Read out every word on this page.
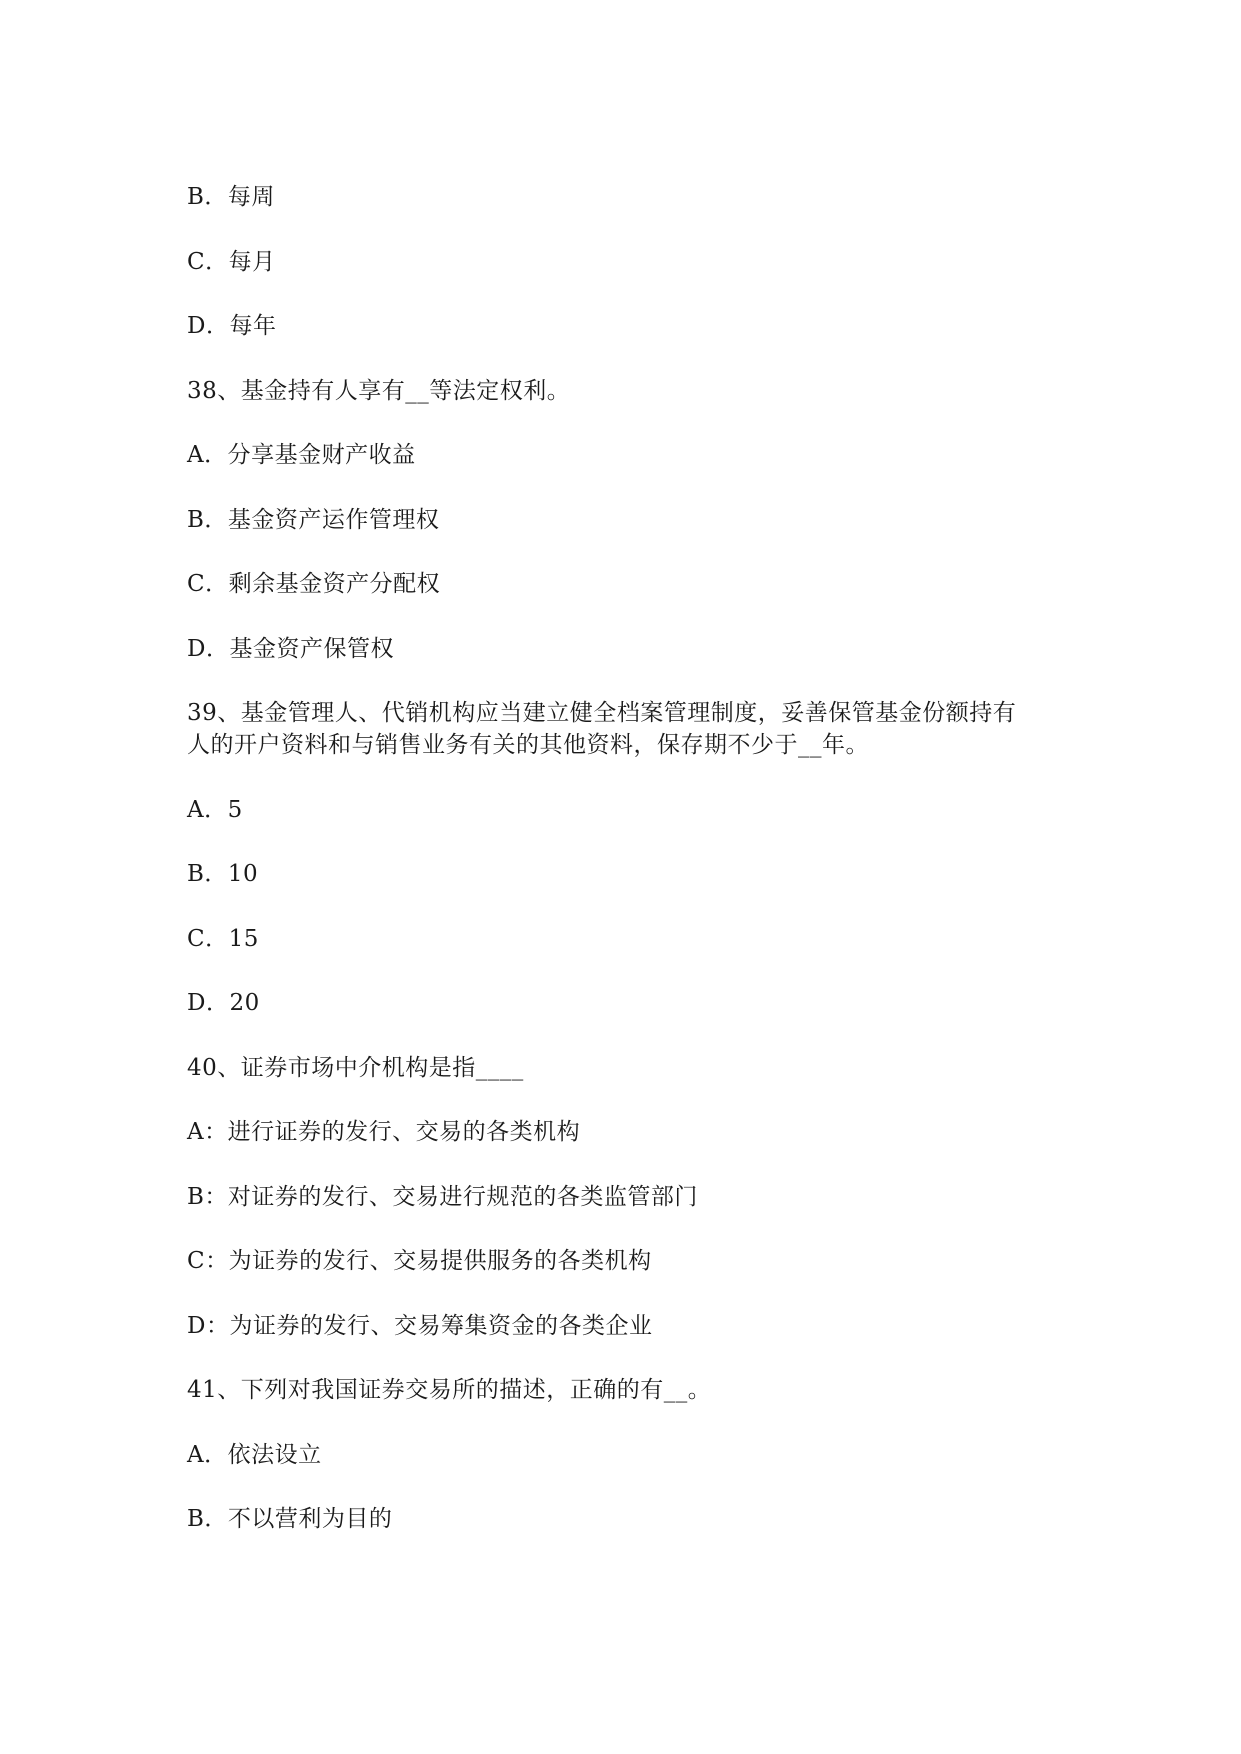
B．每周
C．每月
D．每年
38、基金持有人享有__等法定权利。
A．分享基金财产收益
B．基金资产运作管理权
C．剩余基金资产分配权
D．基金资产保管权
39、基金管理人、代销机构应当建立健全档案管理制度，妥善保管基金份额持有
人的开户资料和与销售业务有关的其他资料，保存期不少于__年。
A．5
B．10
C．15
D．20
40、证券市场中介机构是指____
A：进行证券的发行、交易的各类机构
B：对证券的发行、交易进行规范的各类监管部门
C：为证券的发行、交易提供服务的各类机构
D：为证券的发行、交易筹集资金的各类企业
41、下列对我国证券交易所的描述，正确的有__。
A．依法设立
B．不以营利为目的
